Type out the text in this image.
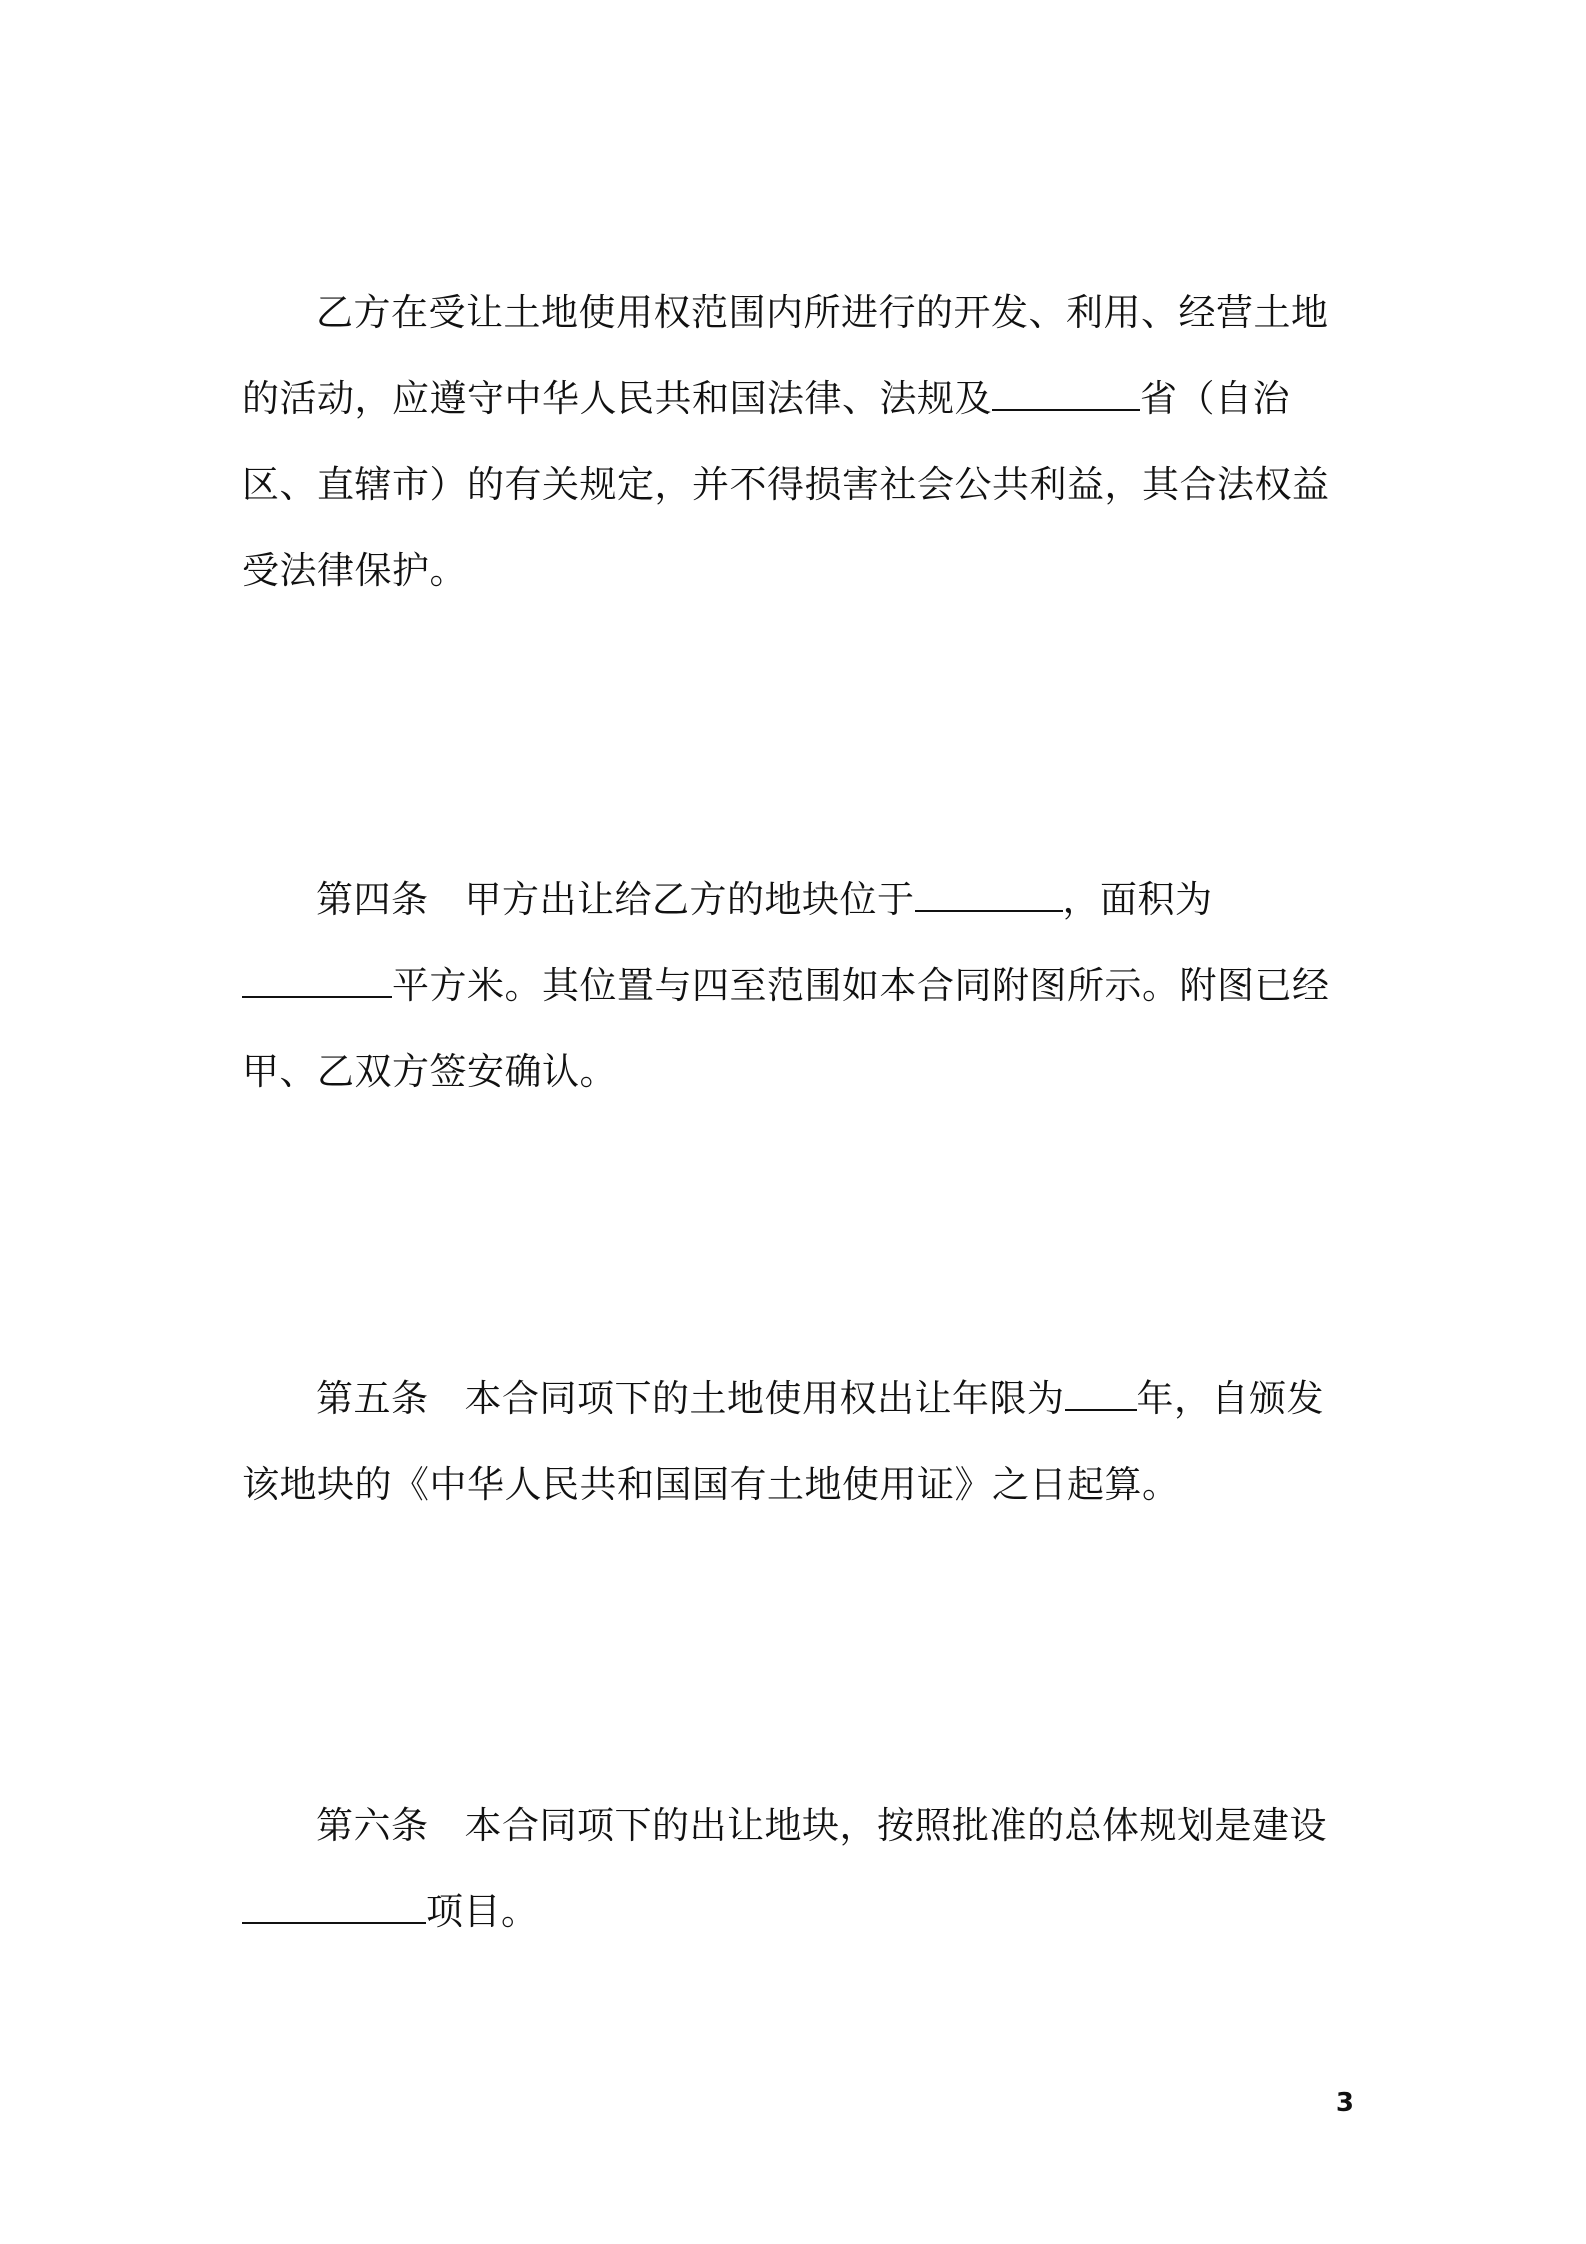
乙方在受让土地使用权范围内所进行的开发、利用、经营土地的活动，应遵守中华人民共和国法律、法规及	省（自治区、直辖市）的有关规定，并不得损害社会公共利益，其合法权益受法律保护。

第四条 甲方出让给乙方的地块位于	，面积为平方米。其位置与四至范围如本合同附图所示。附图已经甲、乙双方签安确认。

第五条 本合同项下的土地使用权出让年限为 年，自颁发该地块的《中华人民共和国国有土地使用证》之日起算。

第六条 本合同项下的出让地块，按照批准的总体规划是建设项目。

3
